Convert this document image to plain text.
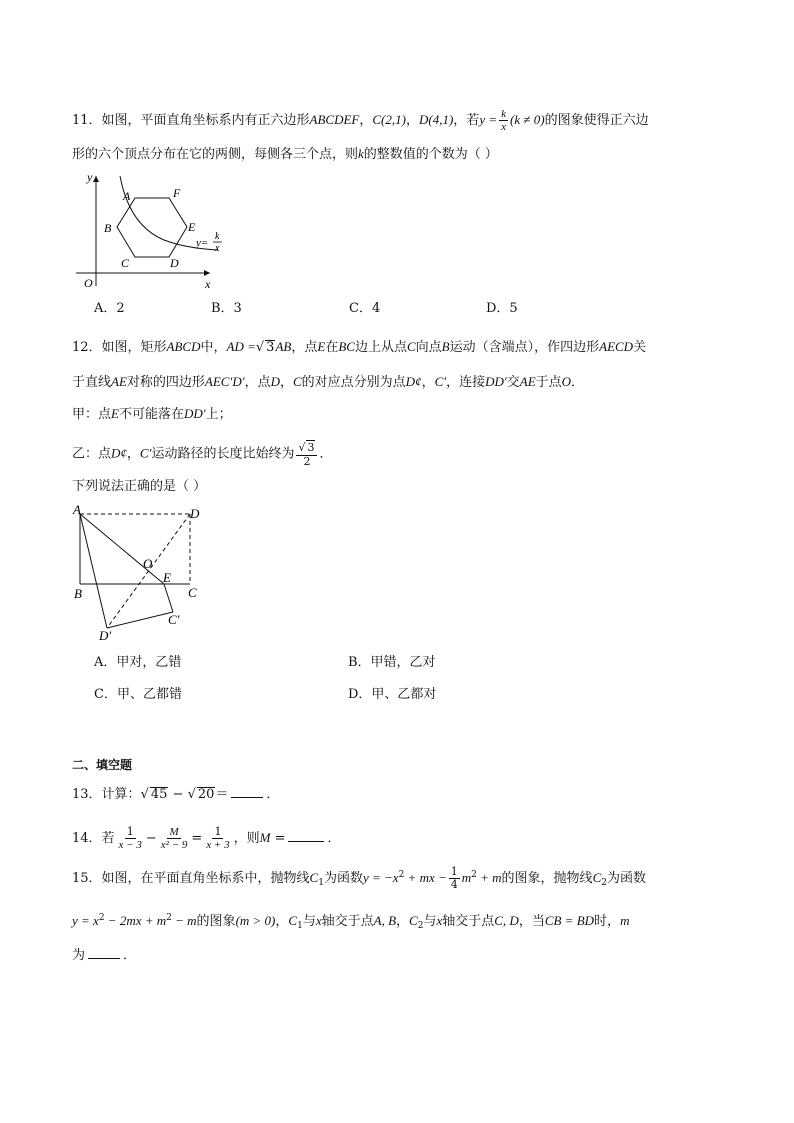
11．如图，平面直角坐标系内有正六边形ABCDEF，C(2,1)，D(4,1)，若$y = \frac{k}{x} (k \ne 0)$的图象使得正六边
形的六个顶点分布在它的两侧，每侧各三个点，则k的整数值的个数为（ ）
y
O	x
A
B
C	D
E
F
y=
k
x
A．2	B．3	C．4	D．5
12．如图，矩形ABCD中，AD =√ 3AB，点E在BC边上从点C向点B运动（含端点），作四边形AECD关
于直线AE对称的四边形AEC′D′，点D，C的对应点分别为点D¢，C′，连接DD′交AE于点O．
甲：点E不可能落在DD′上；
乙：点D¢，C′运动路径的长度比始终为 $\frac{√ 3}{2}$ ．
下列说法正确的是（ ）
A	D
O
E
B	C
C′
D′
A．甲对，乙错	B．甲错，乙对
C．甲、乙都错	D．甲、乙都对
二、填空题
13．计算：√ 45 − √ 20＝	．
14．若 $\frac{1}{x - 3} - \frac{M}{\text{x² − 9}} = \frac{1}{x + 3}$ ，则M =	．
15．如图，在平面直角坐标系中，抛物线$C_1$为函数$y = -x^2$ + mx − $\frac{1}{4} m^2 + m$的图象，抛物线$C_2$为函数
$y = x^2 - 2mx + m^2 - m$的图象(m > 0)，$C_1$与x轴交于点A, B，$C_2$与x轴交于点C, D，当CB = BD时，m
为	．
